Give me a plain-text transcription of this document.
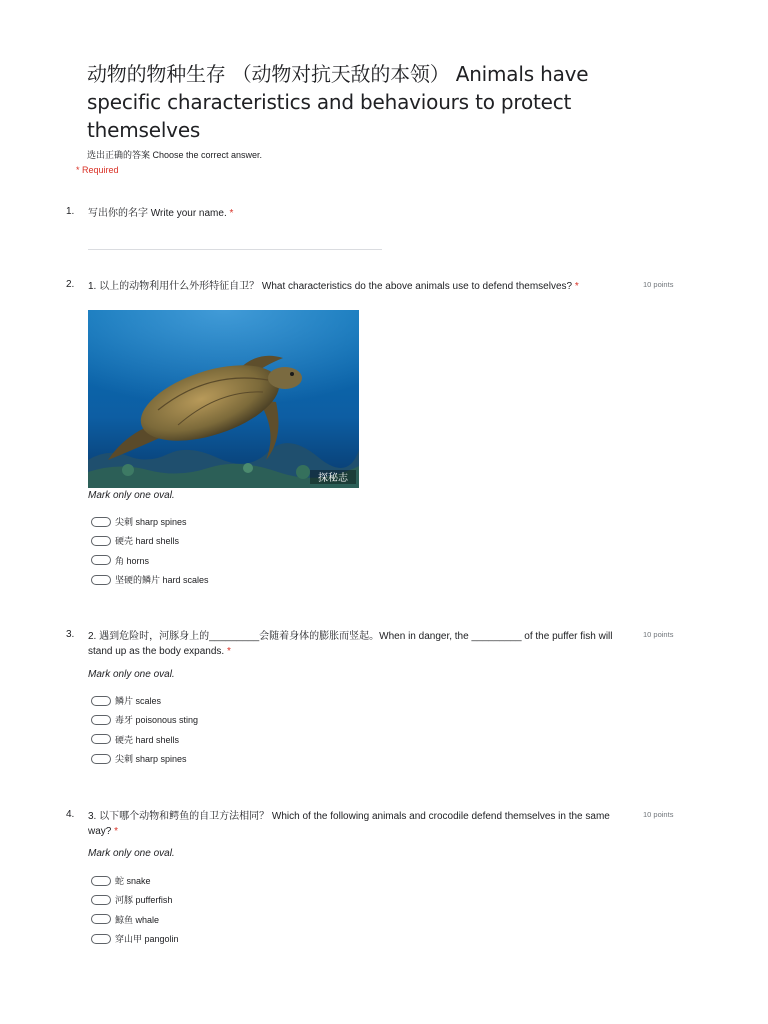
动物的物种生存 （动物对抗天敌的本领） Animals have specific characteristics and behaviours to protect themselves
选出正确的答案 Choose the correct answer.
* Required
1. 写出你的名字 Write your name. *
2. 1. 以上的动物利用什么外形特征自卫？ What characteristics do the above animals use to defend themselves? *	10 points
探秘志
Mark only one oval.
尖刺 sharp spines
硬壳 hard shells
角 horns
坚硬的鳞片 hard scales
3. 2. 遇到危险时，河豚身上的_________会随着身体的膨胀而竖起。When in danger, the _________ of the puffer fish will stand up as the body expands. *
10 points
Mark only one oval.
鳞片 scales
毒牙 poisonous sting
硬壳 hard shells
尖刺 sharp spines
4. 3. 以下哪个动物和鳄鱼的自卫方法相同？ Which of the following animals and crocodile defend themselves in the same way? *
10 points
Mark only one oval.
蛇 snake
河豚 pufferfish
鲸鱼 whale
穿山甲 pangolin
